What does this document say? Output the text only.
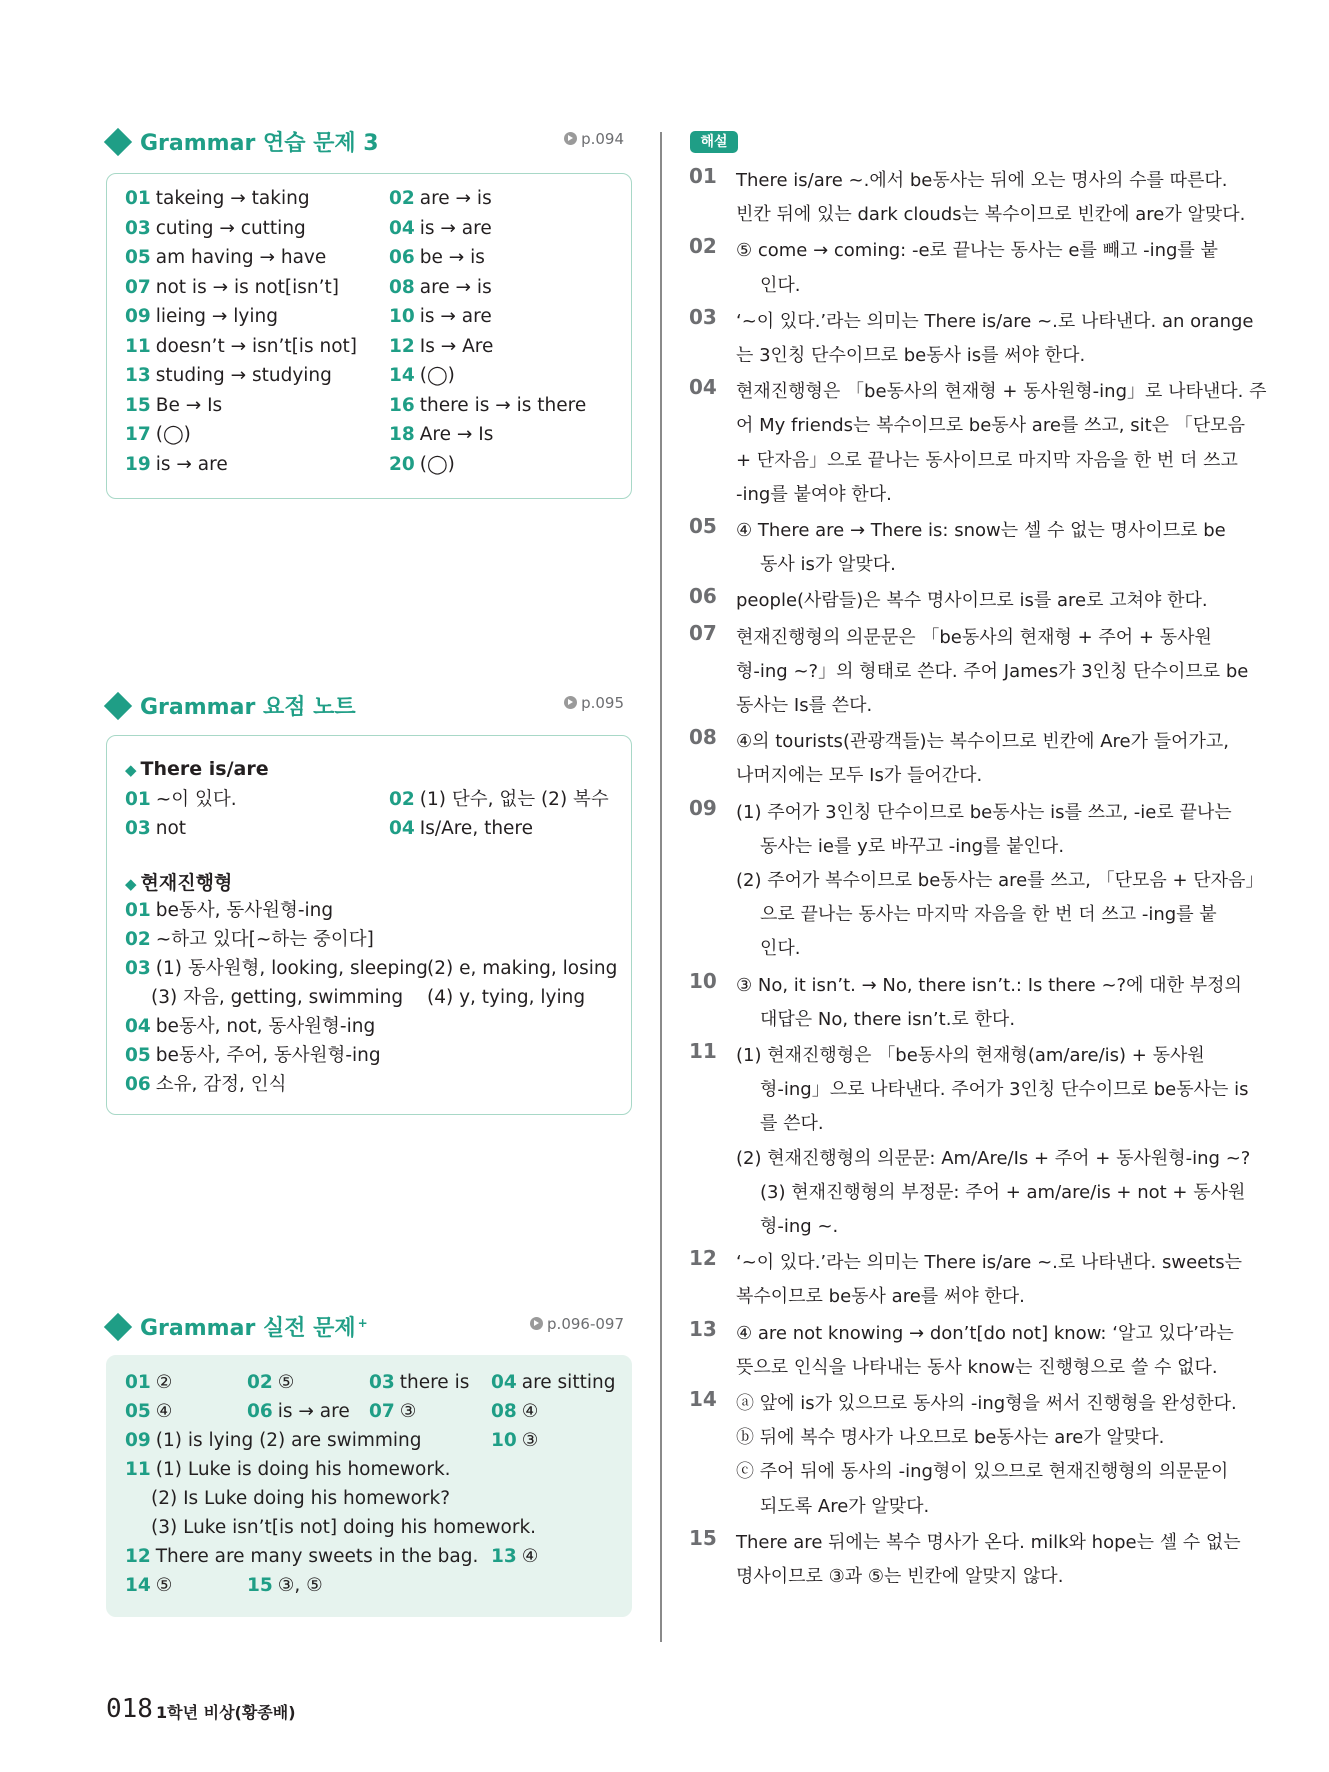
Grammar 연습 문제 3	p.094
01 takeing → taking	02 are → is
03 cuting → cutting	04 is → are
05 am having → have	06 be → is
07 not is → is not[isn’t]	08 are → is
09 lieing → lying	10 is → are
11 doesn’t → isn’t[is not] 12 Is → Are
13 studing → studying	14 (◯)
15 Be → Is	16 there is → is there
17 (◯)	18 Are → Is
19 is → are	20 (◯)
Grammar 요점 노트	p.095
◆ There is/are
01 ~이 있다.	02 (1) 단수, 없는 (2) 복수
03 not	04 Is/Are, there
◆ 현재진행형
01 be동사, 동사원형-ing
02 ~하고 있다[~하는 중이다]
03 (1) 동사원형, looking, sleeping (2) e, making, losing
(3) 자음, getting, swimming (4) y, tying, lying
04 be동사, not, 동사원형-ing
05 be동사, 주어, 동사원형-ing
06 소유, 감정, 인식
Grammar 실전 문제 +	p.096-097
01 ②	02 ⑤	03 there is 04 are sitting
05 ④	06 is → are 07 ③	08 ④
09 (1) is lying (2) are swimming	10 ③
11 (1) Luke is doing his homework.
(2) Is Luke doing his homework?
(3) Luke isn’t[is not] doing his homework.
12 There are many sweets in the bag. 13 ④
14 ⑤	15 ③, ⑤
해설
01 There is/are ~.에서 be동사는 뒤에 오는 명사의 수를 따른다.
빈칸 뒤에 있는 dark clouds는 복수이므로 빈칸에 are가 알맞다.
02 ⑤ come → coming: -e로 끝나는 동사는 e를 빼고 -ing를 붙
인다.
03 ‘~이 있다.’라는 의미는 There is/are ~.로 나타낸다. an orange
는 3인칭 단수이므로 be동사 is를 써야 한다.
04 현재진행형은 「be동사의 현재형 + 동사원형-ing」로 나타낸다. 주
어 My friends는 복수이므로 be동사 are를 쓰고, sit은 「단모음
+ 단자음」으로 끝나는 동사이므로 마지막 자음을 한 번 더 쓰고
-ing를 붙여야 한다.
05 ④ There are → There is: snow는 셀 수 없는 명사이므로 be
동사 is가 알맞다.
06 people(사람들)은 복수 명사이므로 is를 are로 고쳐야 한다.
07 현재진행형의 의문문은 「be동사의 현재형 + 주어 + 동사원
형-ing ~?」의 형태로 쓴다. 주어 James가 3인칭 단수이므로 be
동사는 Is를 쓴다.
08 ④의 tourists(관광객들)는 복수이므로 빈칸에 Are가 들어가고,
나머지에는 모두 Is가 들어간다.
09 (1) 주어가 3인칭 단수이므로 be동사는 is를 쓰고, -ie로 끝나는
동사는 ie를 y로 바꾸고 -ing를 붙인다.
(2) 주어가 복수이므로 be동사는 are를 쓰고, 「단모음 + 단자음」
으로 끝나는 동사는 마지막 자음을 한 번 더 쓰고 -ing를 붙
인다.
10 ③ No, it isn’t. → No, there isn’t.: Is there ~?에 대한 부정의
대답은 No, there isn’t.로 한다.
11 (1) 현재진행형은 「be동사의 현재형(am/are/is) + 동사원
형-ing」으로 나타낸다. 주어가 3인칭 단수이므로 be동사는 is
를 쓴다.
(2) 현재진행형의 의문문: Am/Are/Is + 주어 + 동사원형-ing ~?
(3) 현재진행형의 부정문: 주어 + am/are/is + not + 동사원
형-ing ~.
12 ‘~이 있다.’라는 의미는 There is/are ~.로 나타낸다. sweets는
복수이므로 be동사 are를 써야 한다.
13 ④ are not knowing → don’t[do not] know: ‘알고 있다’라는
뜻으로 인식을 나타내는 동사 know는 진행형으로 쓸 수 없다.
14 ⓐ 앞에 is가 있으므로 동사의 -ing형을 써서 진행형을 완성한다.
ⓑ 뒤에 복수 명사가 나오므로 be동사는 are가 알맞다.
ⓒ 주어 뒤에 동사의 -ing형이 있으므로 현재진행형의 의문문이
되도록 Are가 알맞다.
15 There are 뒤에는 복수 명사가 온다. milk와 hope는 셀 수 없는
명사이므로 ③과 ⑤는 빈칸에 알맞지 않다.
018 1학년 비상(황종배)
